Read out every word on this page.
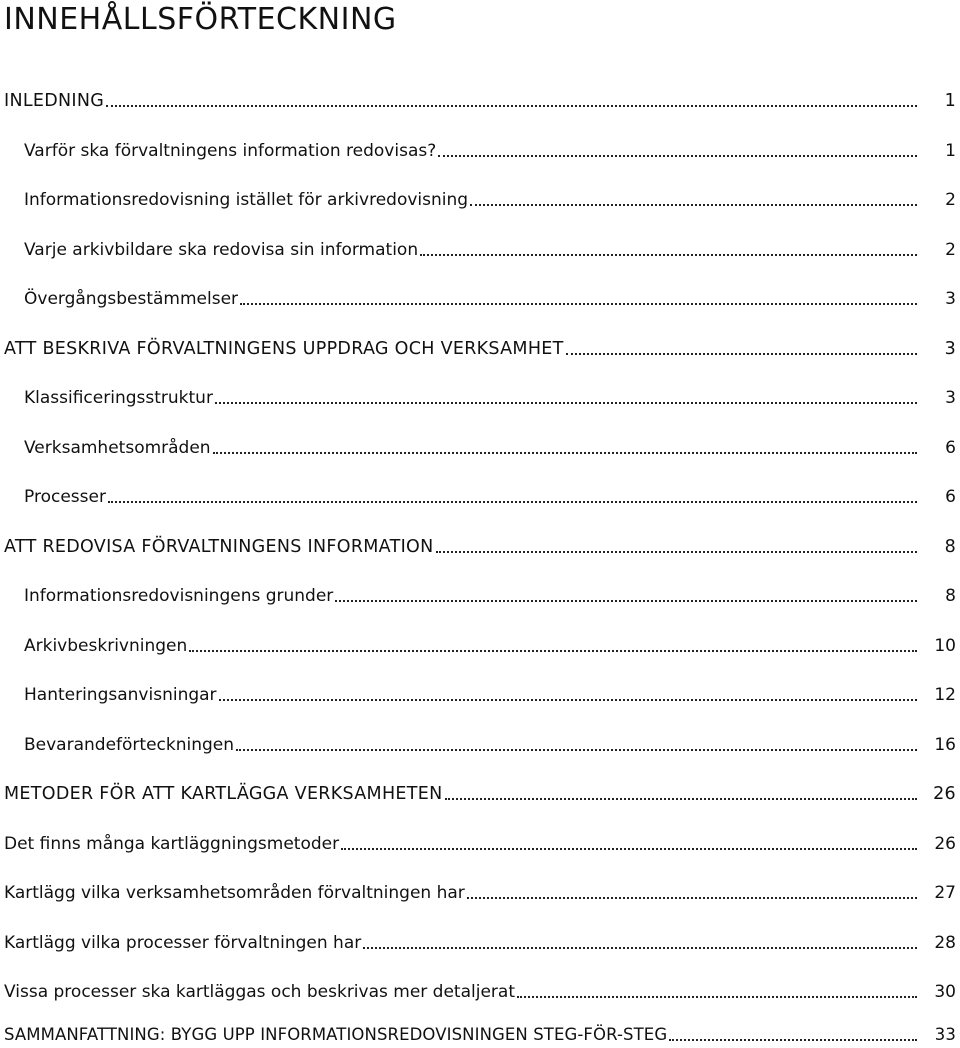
INNEHÅLLSFÖRTECKNING
INLEDNING	1
Varför ska förvaltningens information redovisas?	1
Informationsredovisning istället för arkivredovisning	2
Varje arkivbildare ska redovisa sin information	2
Övergångsbestämmelser	3
ATT BESKRIVA FÖRVALTNINGENS UPPDRAG OCH VERKSAMHET	3
Klassificeringsstruktur	3
Verksamhetsområden	6
Processer	6
ATT REDOVISA FÖRVALTNINGENS INFORMATION	8
Informationsredovisningens grunder	8
Arkivbeskrivningen	10
Hanteringsanvisningar	12
Bevarandeförteckningen	16
METODER FÖR ATT KARTLÄGGA VERKSAMHETEN	26
Det finns många kartläggningsmetoder	26
Kartlägg vilka verksamhetsområden förvaltningen har	27
Kartlägg vilka processer förvaltningen har	28
Vissa processer ska kartläggas och beskrivas mer detaljerat	30
SAMMANFATTNING: BYGG UPP INFORMATIONSREDOVISNINGEN STEG-FÖR-STEG	33
